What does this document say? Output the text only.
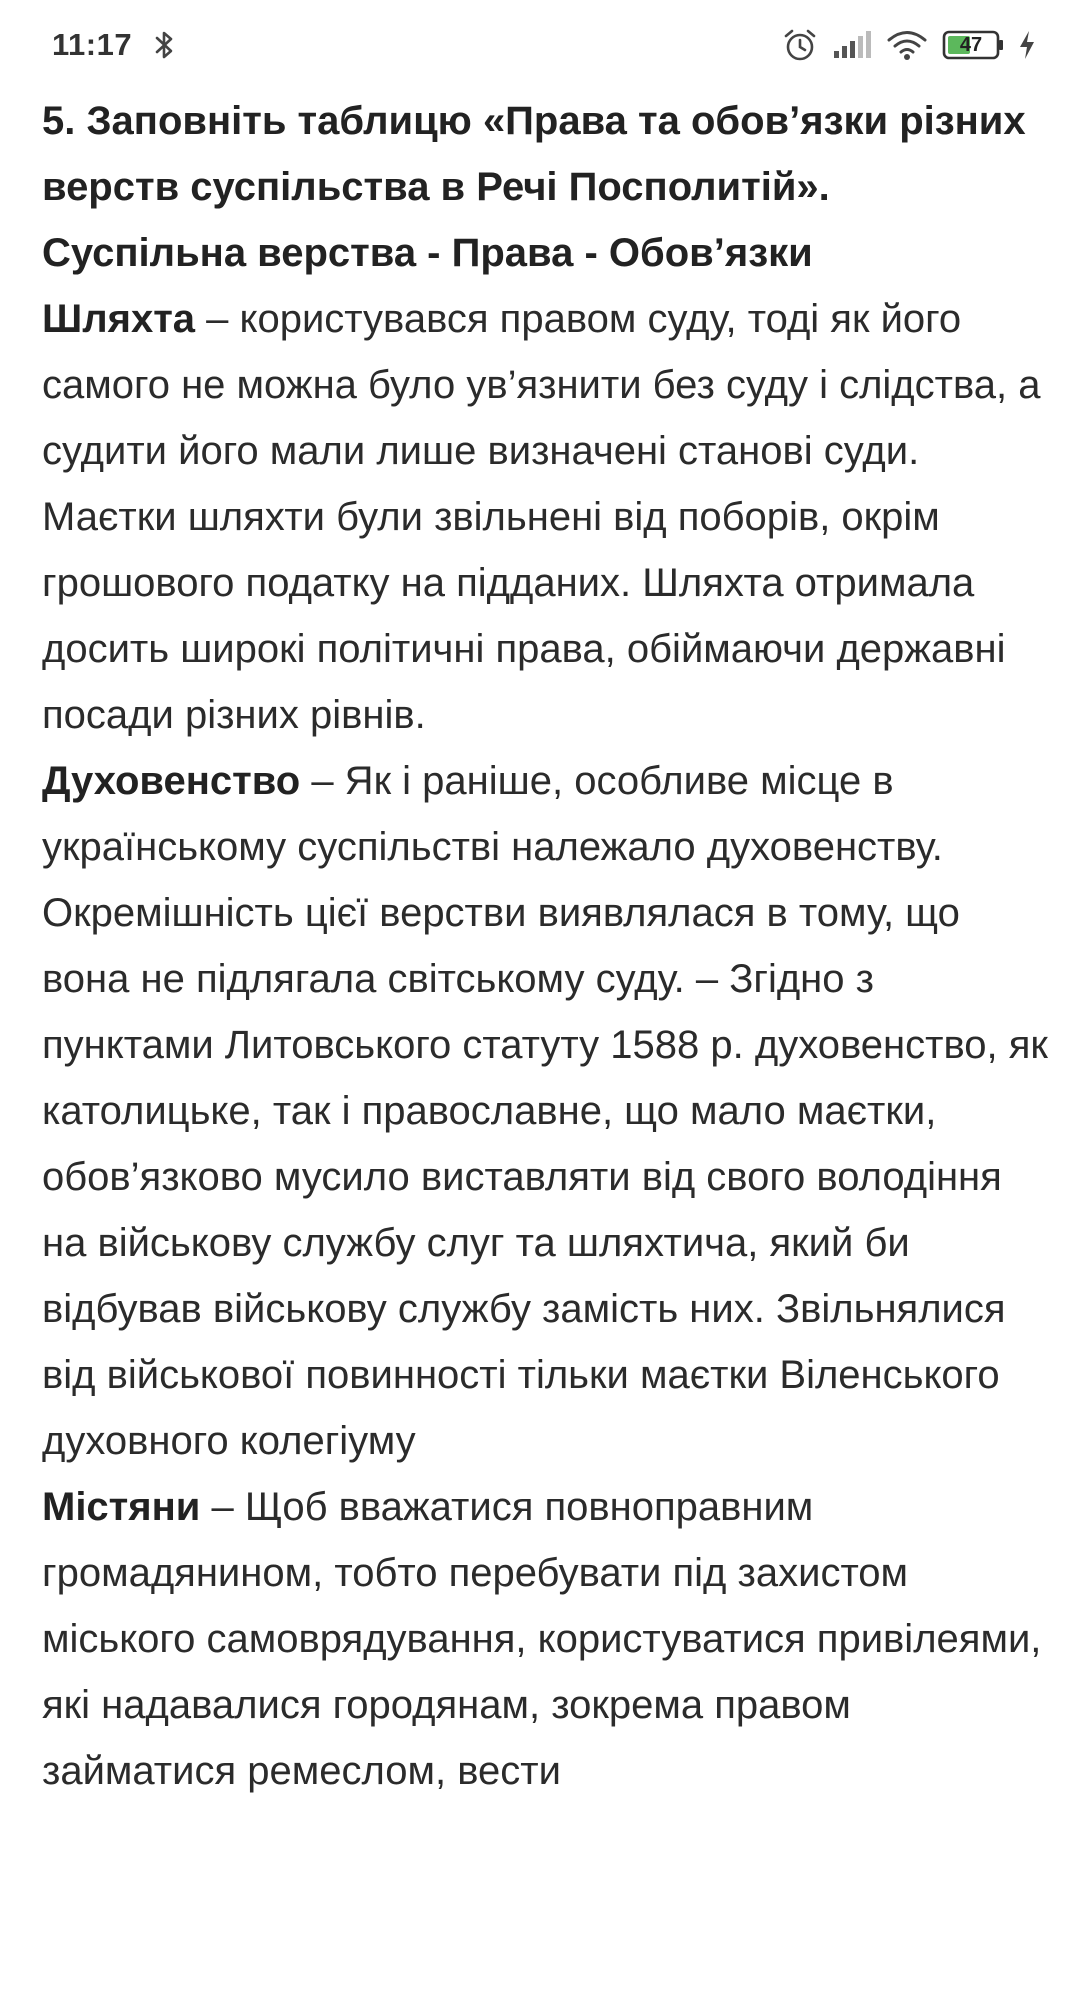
11:17	47

5. Заповніть таблицю «Права та обов’язки різних верств суспільства в Речі Посполитій».

Суспільна верства - Права - Обов’язки

Шляхта – користувався правом суду, тоді як його самого не можна було ув’язнити без суду і слідства, а судити його мали лише визначені станові суди. Маєтки шляхти були звільнені від поборів, окрім грошового податку на підданих. Шляхта отримала досить широкі політичні права, обіймаючи державні посади різних рівнів.

Духовенство – Як і раніше, особливе місце в українському суспільстві належало духовенству. Окремішність цієї верстви виявлялася в тому, що вона не підлягала світському суду. – Згідно з пунктами Литовського статуту 1588 р. духовенство, як католицьке, так і православне, що мало маєтки, обов’язково мусило виставляти від свого володіння на військову службу слуг та шляхтича, який би відбував військову службу замість них. Звільнялися від військової повинності тільки маєтки Віленського духовного колегіуму

Містяни – Щоб вважатися повноправним громадянином, тобто перебувати під захистом міського самоврядування, користуватися привілеями, які надавалися городянам, зокрема правом займатися ремеслом, вести
